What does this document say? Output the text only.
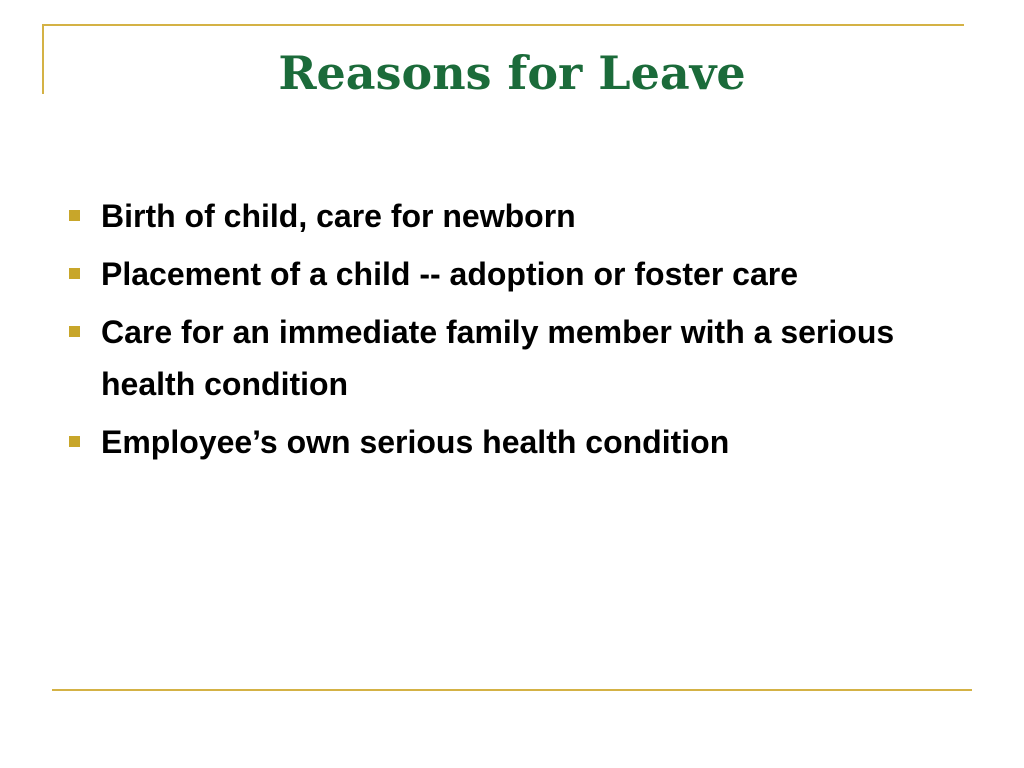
Reasons for Leave
Birth of child, care for newborn
Placement of a child -- adoption or foster care
Care for an immediate family member with a serious health condition
Employee’s own serious health condition
